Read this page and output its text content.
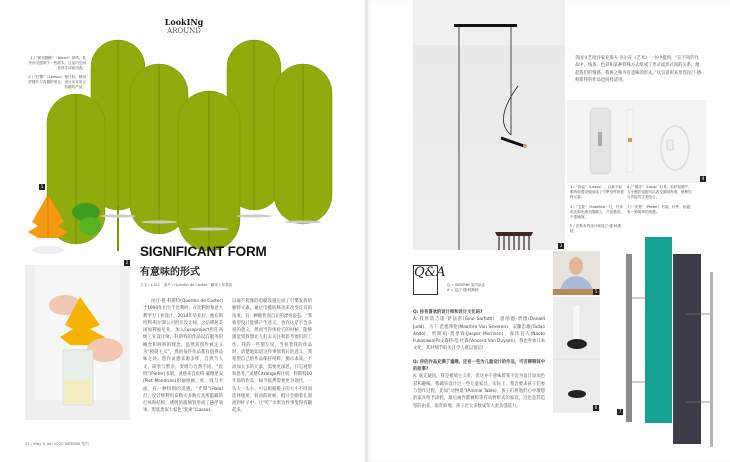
LookINg
AROUND

1 / “树状隔断”（Alberi）屏风，其外形灵感源于一些树木，让室内空间显得生动而活泼。

2 / “柠檬”（Lemon）榨汁机，利用柠檬片与容器的形态，设计出实用又有趣的产品。

1
2
SIGNIFICANT FORM
有意味的形式
文字 / L.H.C　图片 / Quentin de Coster　翻译 / 吴易凯
昆汀·德·科斯特(Quentin de Coster)于1990年出生于比利时，在比利时和意大利学习工业设计，2014年毕业后，他在斯坦利·科尔斯公司担任设计师，之后移居美国加利福尼亚，加入Fuseproject担任高级工业设计师。科斯特的作品设有服务的概念和鲜明的理念，虽然其创作被定义为“极简主义”，然而每件作品都有值得品味之处。创作灵感来源多样，自然与人文、简单与繁杂，奏唱与自然不同。“皮特”(Pieter)书架，灵感来自皮特·蒙德里安(Piet Mondrian)的抽象画，杆、线与平面，有一种特别的美感。“光晕”(Halo)灯，设计师利用泰勒大多数灯具所隐藏的灯体和结构，透明的玻璃管形成了悬浮效果。形状类似大棕色“套索”(Lasso)，
以毫不犹豫的电缆设施完成了引擎发挥的独特元素。通过电缆的移动来改变灯具的角度，有一种随性而自在的漂亮姿态。“我希望设计能够产生意义，也许这是不会多说的意义，然而当你体验它的时候，能够感觉到我想让人们去关注和思考他们的工作。我的一些朋友说，当看着我的作品时，清楚地知道这件事情背后的意义。我希望自己的作品保持纯粹，揭示本质，不添加太多的元素，需要更深思，开启观察和思考。”灵感Citrange榨汁机，科斯特10年前的作品，如今依然需要更为现代，一头大一头小，可以根据橙子的大小不同而选择使用，转动的时候，橙汁会顺着孔洞流到杯子中。让“吃”水果这件事变得有趣起来。
31 / May & Jun 2020 INTERNI 室内
3
英国文艺批评家克莱夫·贝尔在《艺术》一书中提到，“在不同的作品中，线条、色彩和某种特殊方式组成了形式或形式间的关系，激起我们的情感，我将之称为有意味的形式。”这句话用来形容昆汀·德·科斯特的作品也同样适用。
4

3 / “套索”（Lasso），以最不起眼的电缆设施组成了引擎发挥的独特元素。

4 / “卫星”（Satellite）灯，灯体和光源充满无限融入，产品感觉、不需掩饰。

5 / 法斯肯的设计师昆汀·德·科斯特。

6 / “循环”（Loop）灯具，形状似圆产，大小圈折返配可以改变照明角度，便利性与功能性完美结合。

7 / “皮特”（Pieter）书架，杆件、铝板、有一种简单的美感。

Q&A

Q = INTERNI 室内杂志

A = 昆汀·德·科斯特

Q: 你有喜欢的设计师和设计文化吗?

A: 我欣赏吉诺·萨法蒂(Gino Sarfatti)、唐纳德·贾德(Donald Judd)、马丁·范塞弗伦(Maarten Van Severen)、安藤忠雄(Tadao Ando)、贾斯珀·莫里森(Jasper Morrison)、深泽直人(Naoto Fukasawa)和文森特·范·杜森(Vincent Van Duysen)，我也喜欢日本文化，其对细节的关注令人难以置信!

Q: 你的作品充满了童趣，还有一些为儿童设计的作品，可否聊聊其中的故事?

A: 毫无疑问，我是极简主义者，但这并不意味着我不会为设计添加色彩和趣味。我确实设计过一些儿童家具，实际上，我会要求孩子们参与创作过程，比如“动物桌”(Animal Table)，孩子们将他们心中理想的家具给予涂鸦，最后画作都被构等有动物形式的家具，这也是其造型的由来。很奇妙地，孩子比大多数成年人更具创造力。

5
6
7
